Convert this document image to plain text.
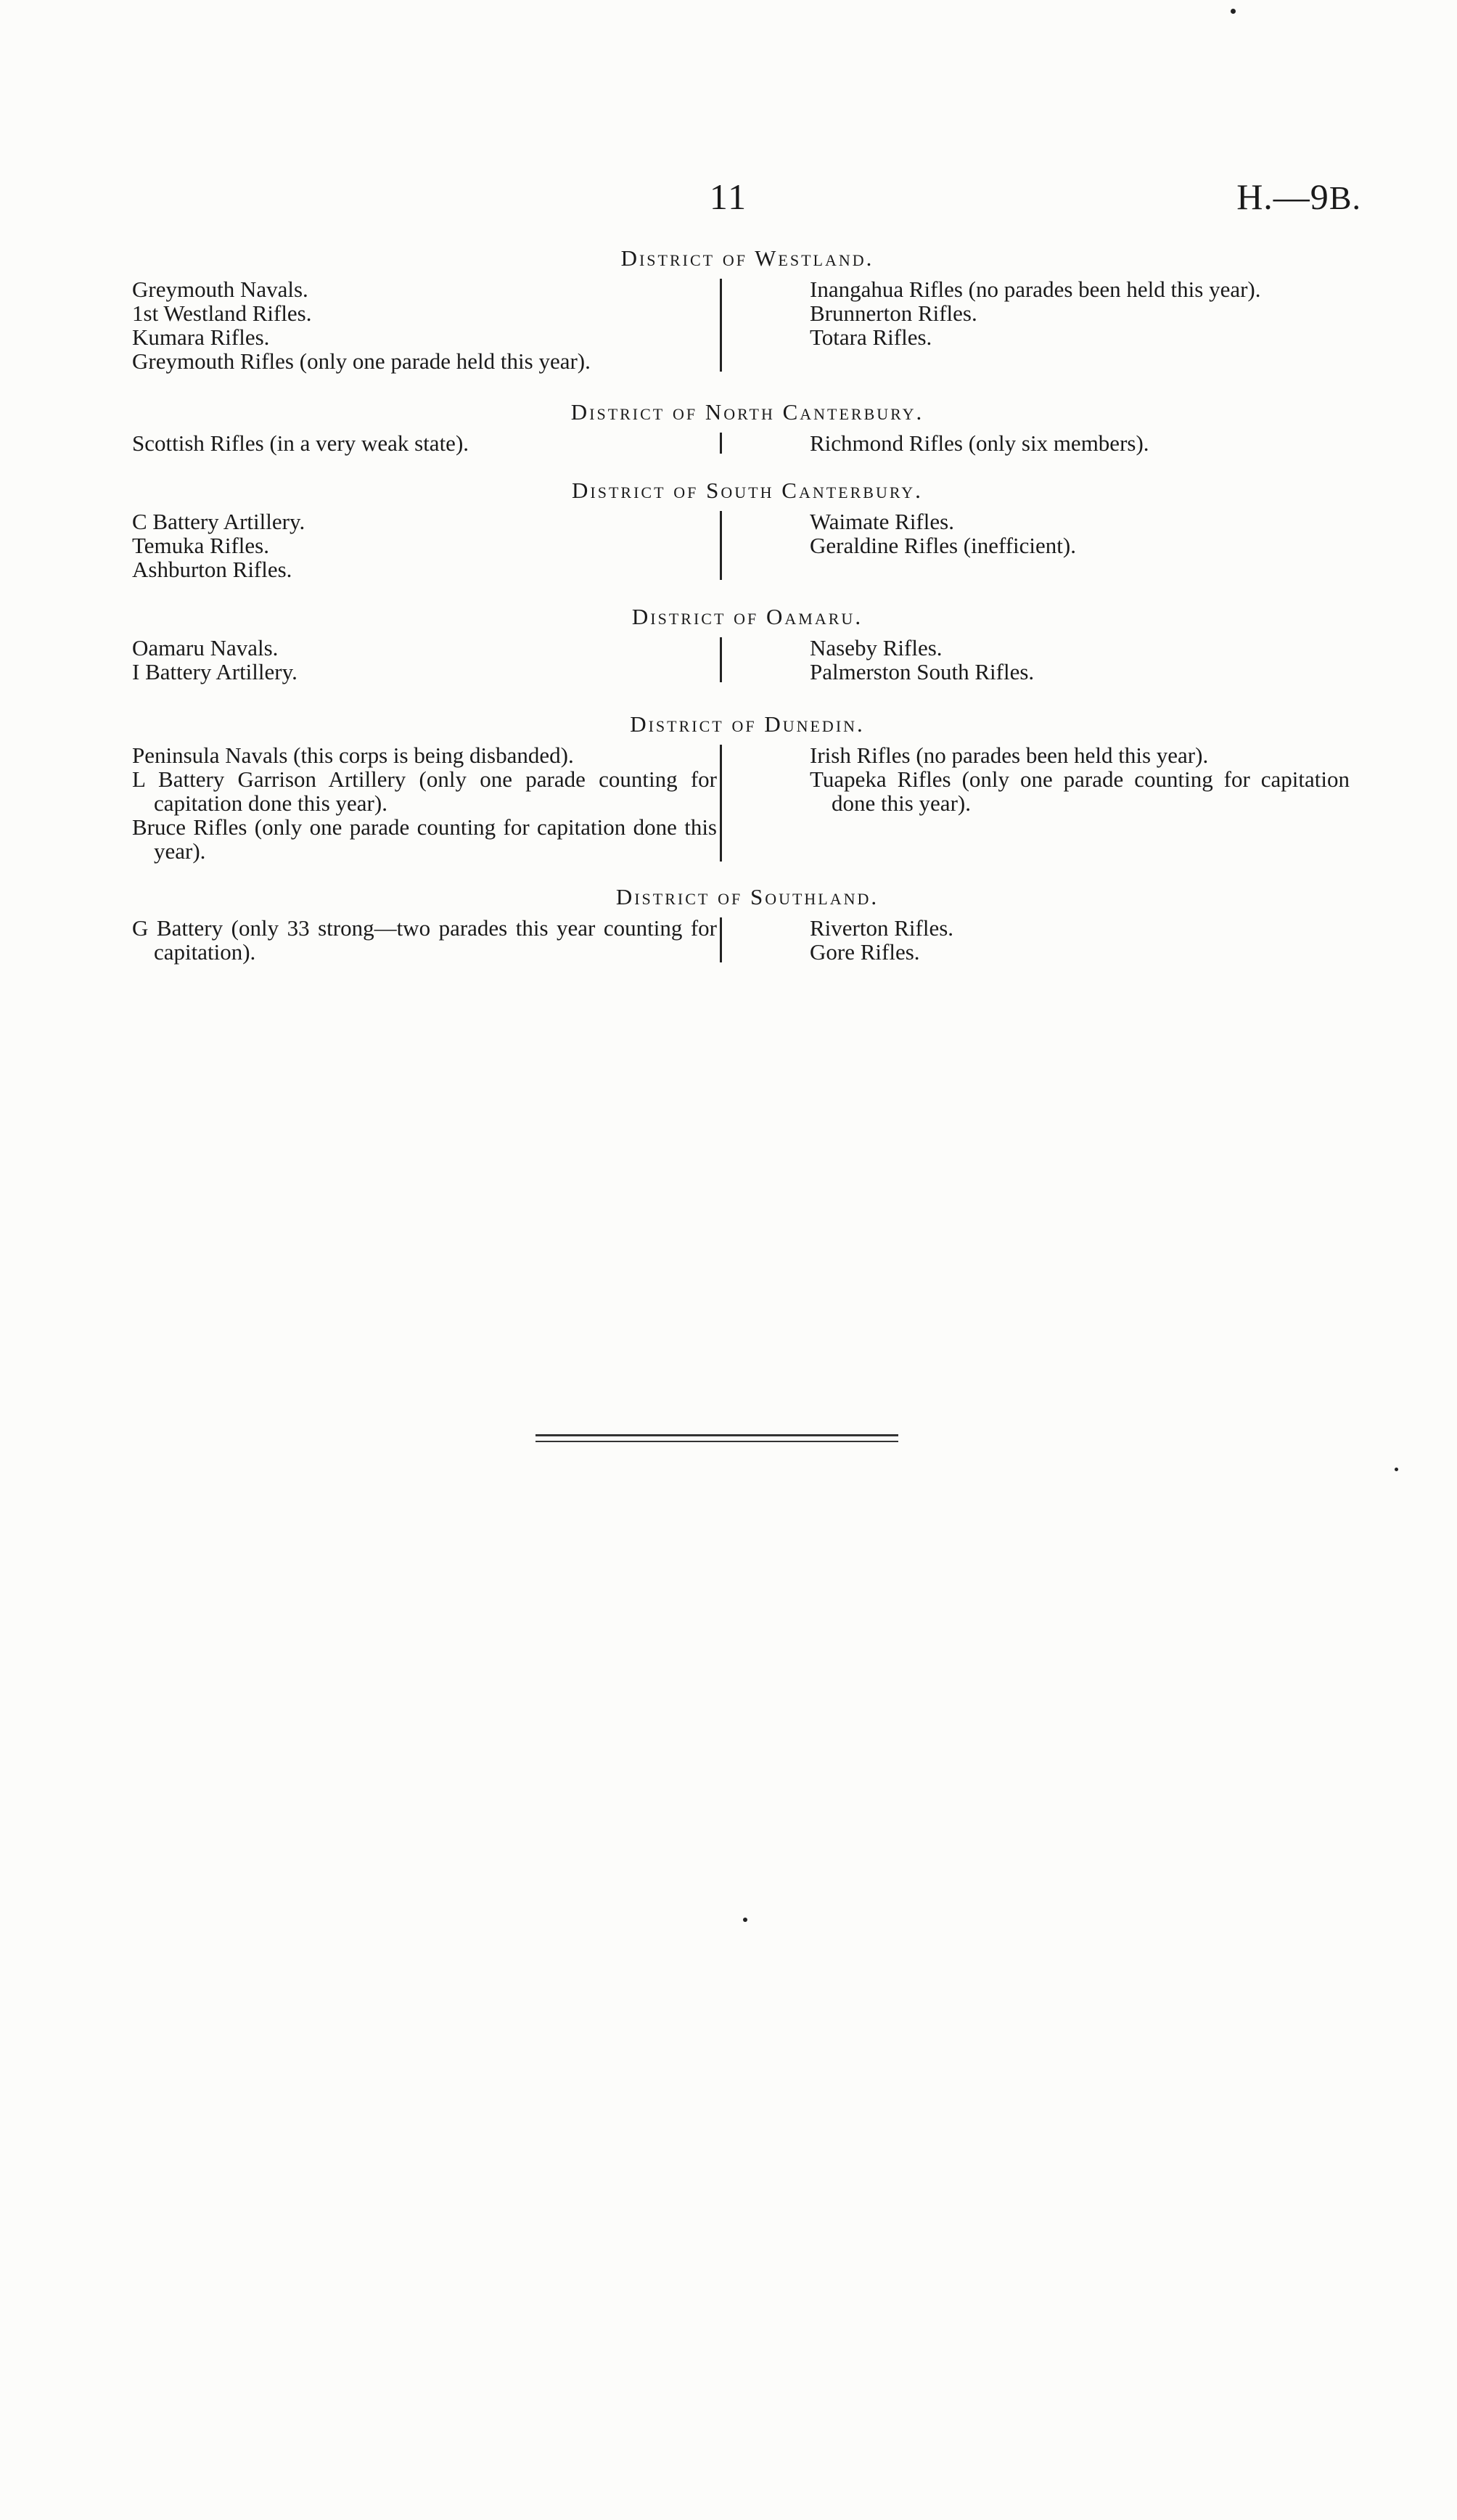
11	H.—9B.
District of Westland.
Greymouth Navals.
1st Westland Rifles.
Kumara Rifles.
Greymouth Rifles (only one parade held this year).
Inangahua Rifles (no parades been held this year).
Brunnerton Rifles.
Totara Rifles.
District of North Canterbury.
Scottish Rifles (in a very weak state).	Richmond Rifles (only six members).
District of South Canterbury.
C Battery Artillery.
Temuka Rifles.
Ashburton Rifles.
Waimate Rifles.
Geraldine Rifles (inefficient).
District of Oamaru.
Oamaru Navals.
I Battery Artillery.
Naseby Rifles.
Palmerston South Rifles.
District of Dunedin.
Peninsula Navals (this corps is being disbanded).
L Battery Garrison Artillery (only one parade counting for capitation done this year).
Bruce Rifles (only one parade counting for capitation done this year).
Irish Rifles (no parades been held this year).
Tuapeka Rifles (only one parade counting for capitation done this year).
District of Southland.
G Battery (only 33 strong—two parades this year counting for capitation).
Riverton Rifles.
Gore Rifles.
